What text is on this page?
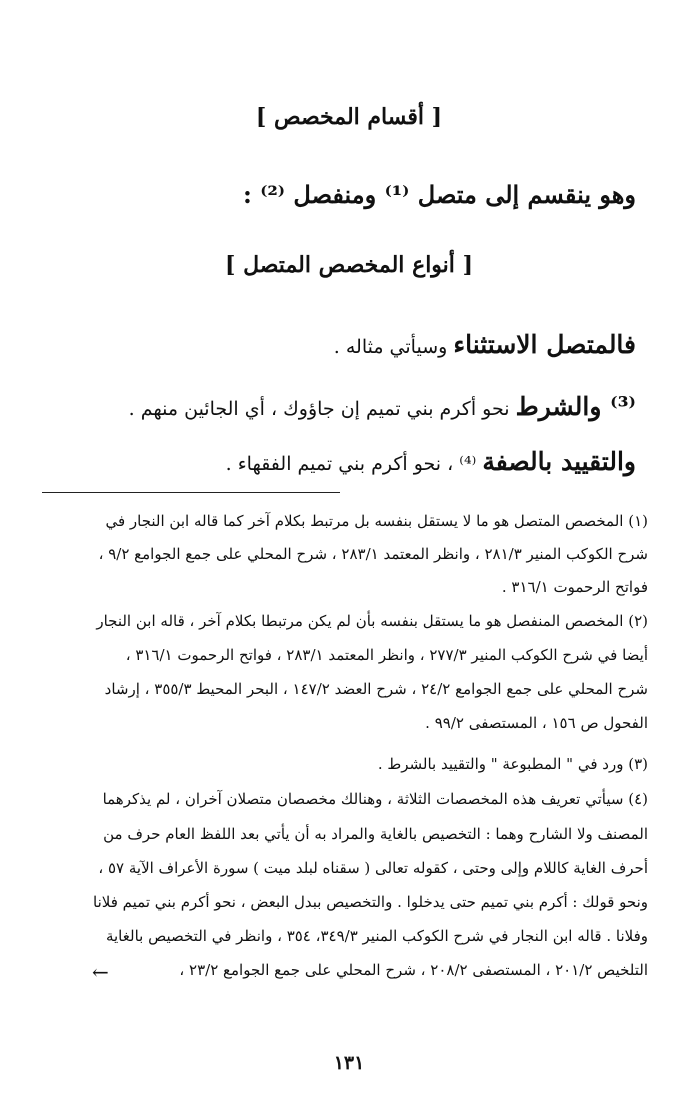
[ أقسام المخصص ]
وهو ينقسم إلى متصل ⁽¹⁾ ومنفصل ⁽²⁾ :
[ أنواع المخصص المتصل ]
فالمتصل الاستثناء وسيأتي مثاله .
⁽³⁾ والشرط نحو أكرم بني تميم إن جاؤوك ، أي الجائين منهم .
والتقييد بالصفة ⁽⁴⁾ ، نحو أكرم بني تميم الفقهاء .
(١) المخصص المتصل هو ما لا يستقل بنفسه بل مرتبط بكلام آخر كما قاله ابن النجار في
شرح الكوكب المنير ٢٨١/٣ ، وانظر المعتمد ٢٨٣/١ ، شرح المحلي على جمع الجوامع ٩/٢ ،
فواتح الرحموت ٣١٦/١ .
(٢) المخصص المنفصل هو ما يستقل بنفسه بأن لم يكن مرتبطا بكلام آخر ، قاله ابن النجار
أيضا في شرح الكوكب المنير ٢٧٧/٣ ، وانظر المعتمد ٢٨٣/١ ، فواتح الرحموت ٣١٦/١ ،
شرح المحلي على جمع الجوامع ٢٤/٢ ، شرح العضد ١٤٧/٢ ، البحر المحيط ٣٥٥/٣ ، إرشاد
الفحول ص ١٥٦ ، المستصفى ٩٩/٢ .
(٣) ورد في " المطبوعة " والتقييد بالشرط .
(٤) سيأتي تعريف هذه المخصصات الثلاثة ، وهنالك مخصصان متصلان آخران ، لم يذكرهما
المصنف ولا الشارح وهما : التخصيص بالغاية والمراد به أن يأتي بعد اللفظ العام حرف من
أحرف الغاية كاللام وإلى وحتى ، كقوله تعالى ( سقناه لبلد ميت ) سورة الأعراف الآية ٥٧ ،
ونحو قولك : أكرم بني تميم حتى يدخلوا . والتخصيص ببدل البعض ، نحو أكرم بني تميم فلانا
وفلانا . قاله ابن النجار في شرح الكوكب المنير ٣٤٩/٣، ٣٥٤ ، وانظر في التخصيص بالغاية
التلخيص ٢٠١/٢ ، المستصفى ٢٠٨/٢ ، شرح المحلي على جمع الجوامع ٢٣/٢ ،
←
١٣١
